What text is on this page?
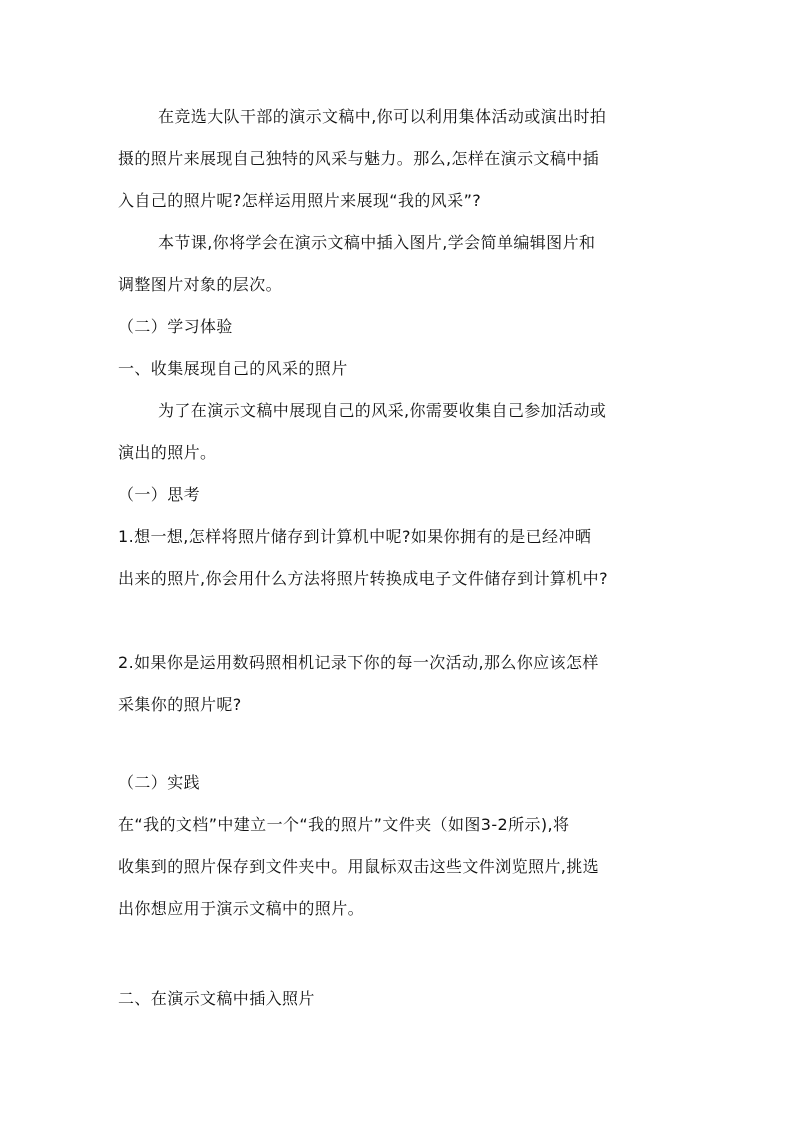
在竞选大队干部的演示文稿中,你可以利用集体活动或演出时拍
摄的照片来展现自己独特的风采与魅力。那么,怎样在演示文稿中插
入自己的照片呢?怎样运用照片来展现“我的风采”?
本节课,你将学会在演示文稿中插入图片,学会简单编辑图片和
调整图片对象的层次。
（二）学习体验
一、收集展现自己的风采的照片
为了在演示文稿中展现自己的风采,你需要收集自己参加活动或
演出的照片。
（一）思考
1.想一想,怎样将照片储存到计算机中呢?如果你拥有的是已经冲晒
出来的照片,你会用什么方法将照片转换成电子文件储存到计算机中?
2.如果你是运用数码照相机记录下你的每一次活动,那么你应该怎样
采集你的照片呢?
（二）实践
在“我的文档”中建立一个“我的照片”文件夹（如图3-2所示),将
收集到的照片保存到文件夹中。用鼠标双击这些文件浏览照片,挑选
出你想应用于演示文稿中的照片。
二、在演示文稿中插入照片
